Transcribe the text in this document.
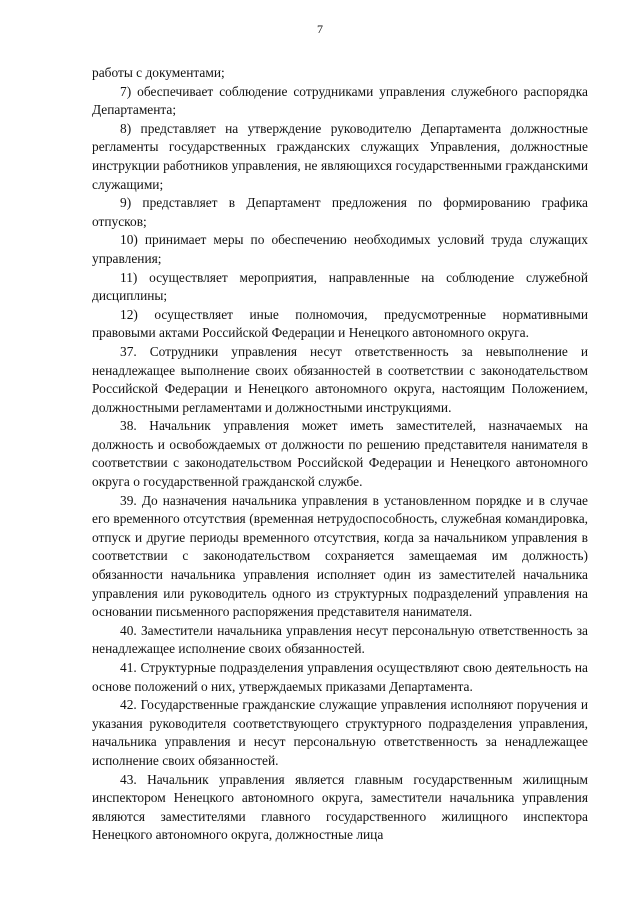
7

работы с документами;

7) обеспечивает соблюдение сотрудниками управления служебного распорядка Департамента;

8) представляет на утверждение руководителю Департамента должностные регламенты государственных гражданских служащих Управления, должностные инструкции работников управления, не являющихся государственными гражданскими служащими;

9) представляет в Департамент предложения по формированию графика отпусков;

10) принимает меры по обеспечению необходимых условий труда служащих управления;

11) осуществляет мероприятия, направленные на соблюдение служебной дисциплины;

12) осуществляет иные полномочия, предусмотренные нормативными правовыми актами Российской Федерации и Ненецкого автономного округа.

37. Сотрудники управления несут ответственность за невыполнение и ненадлежащее выполнение своих обязанностей в соответствии с законодательством Российской Федерации и Ненецкого автономного округа, настоящим Положением, должностными регламентами и должностными инструкциями.

38. Начальник управления может иметь заместителей, назначаемых на должность и освобождаемых от должности по решению представителя нанимателя в соответствии с законодательством Российской Федерации и Ненецкого автономного округа о государственной гражданской службе.

39. До назначения начальника управления в установленном порядке и в случае его временного отсутствия (временная нетрудоспособность, служебная командировка, отпуск и другие периоды временного отсутствия, когда за начальником управления в соответствии с законодательством сохраняется замещаемая им должность) обязанности начальника управления исполняет один из заместителей начальника управления или руководитель одного из структурных подразделений управления на основании письменного распоряжения представителя нанимателя.

40. Заместители начальника управления несут персональную ответственность за ненадлежащее исполнение своих обязанностей.

41. Структурные подразделения управления осуществляют свою деятельность на основе положений о них, утверждаемых приказами Департамента.

42. Государственные гражданские служащие управления исполняют поручения и указания руководителя соответствующего структурного подразделения управления, начальника управления и несут персональную ответственность за ненадлежащее исполнение своих обязанностей.

43. Начальник управления является главным государственным жилищным инспектором Ненецкого автономного округа, заместители начальника управления являются заместителями главного государственного жилищного инспектора Ненецкого автономного округа, должностные лица
